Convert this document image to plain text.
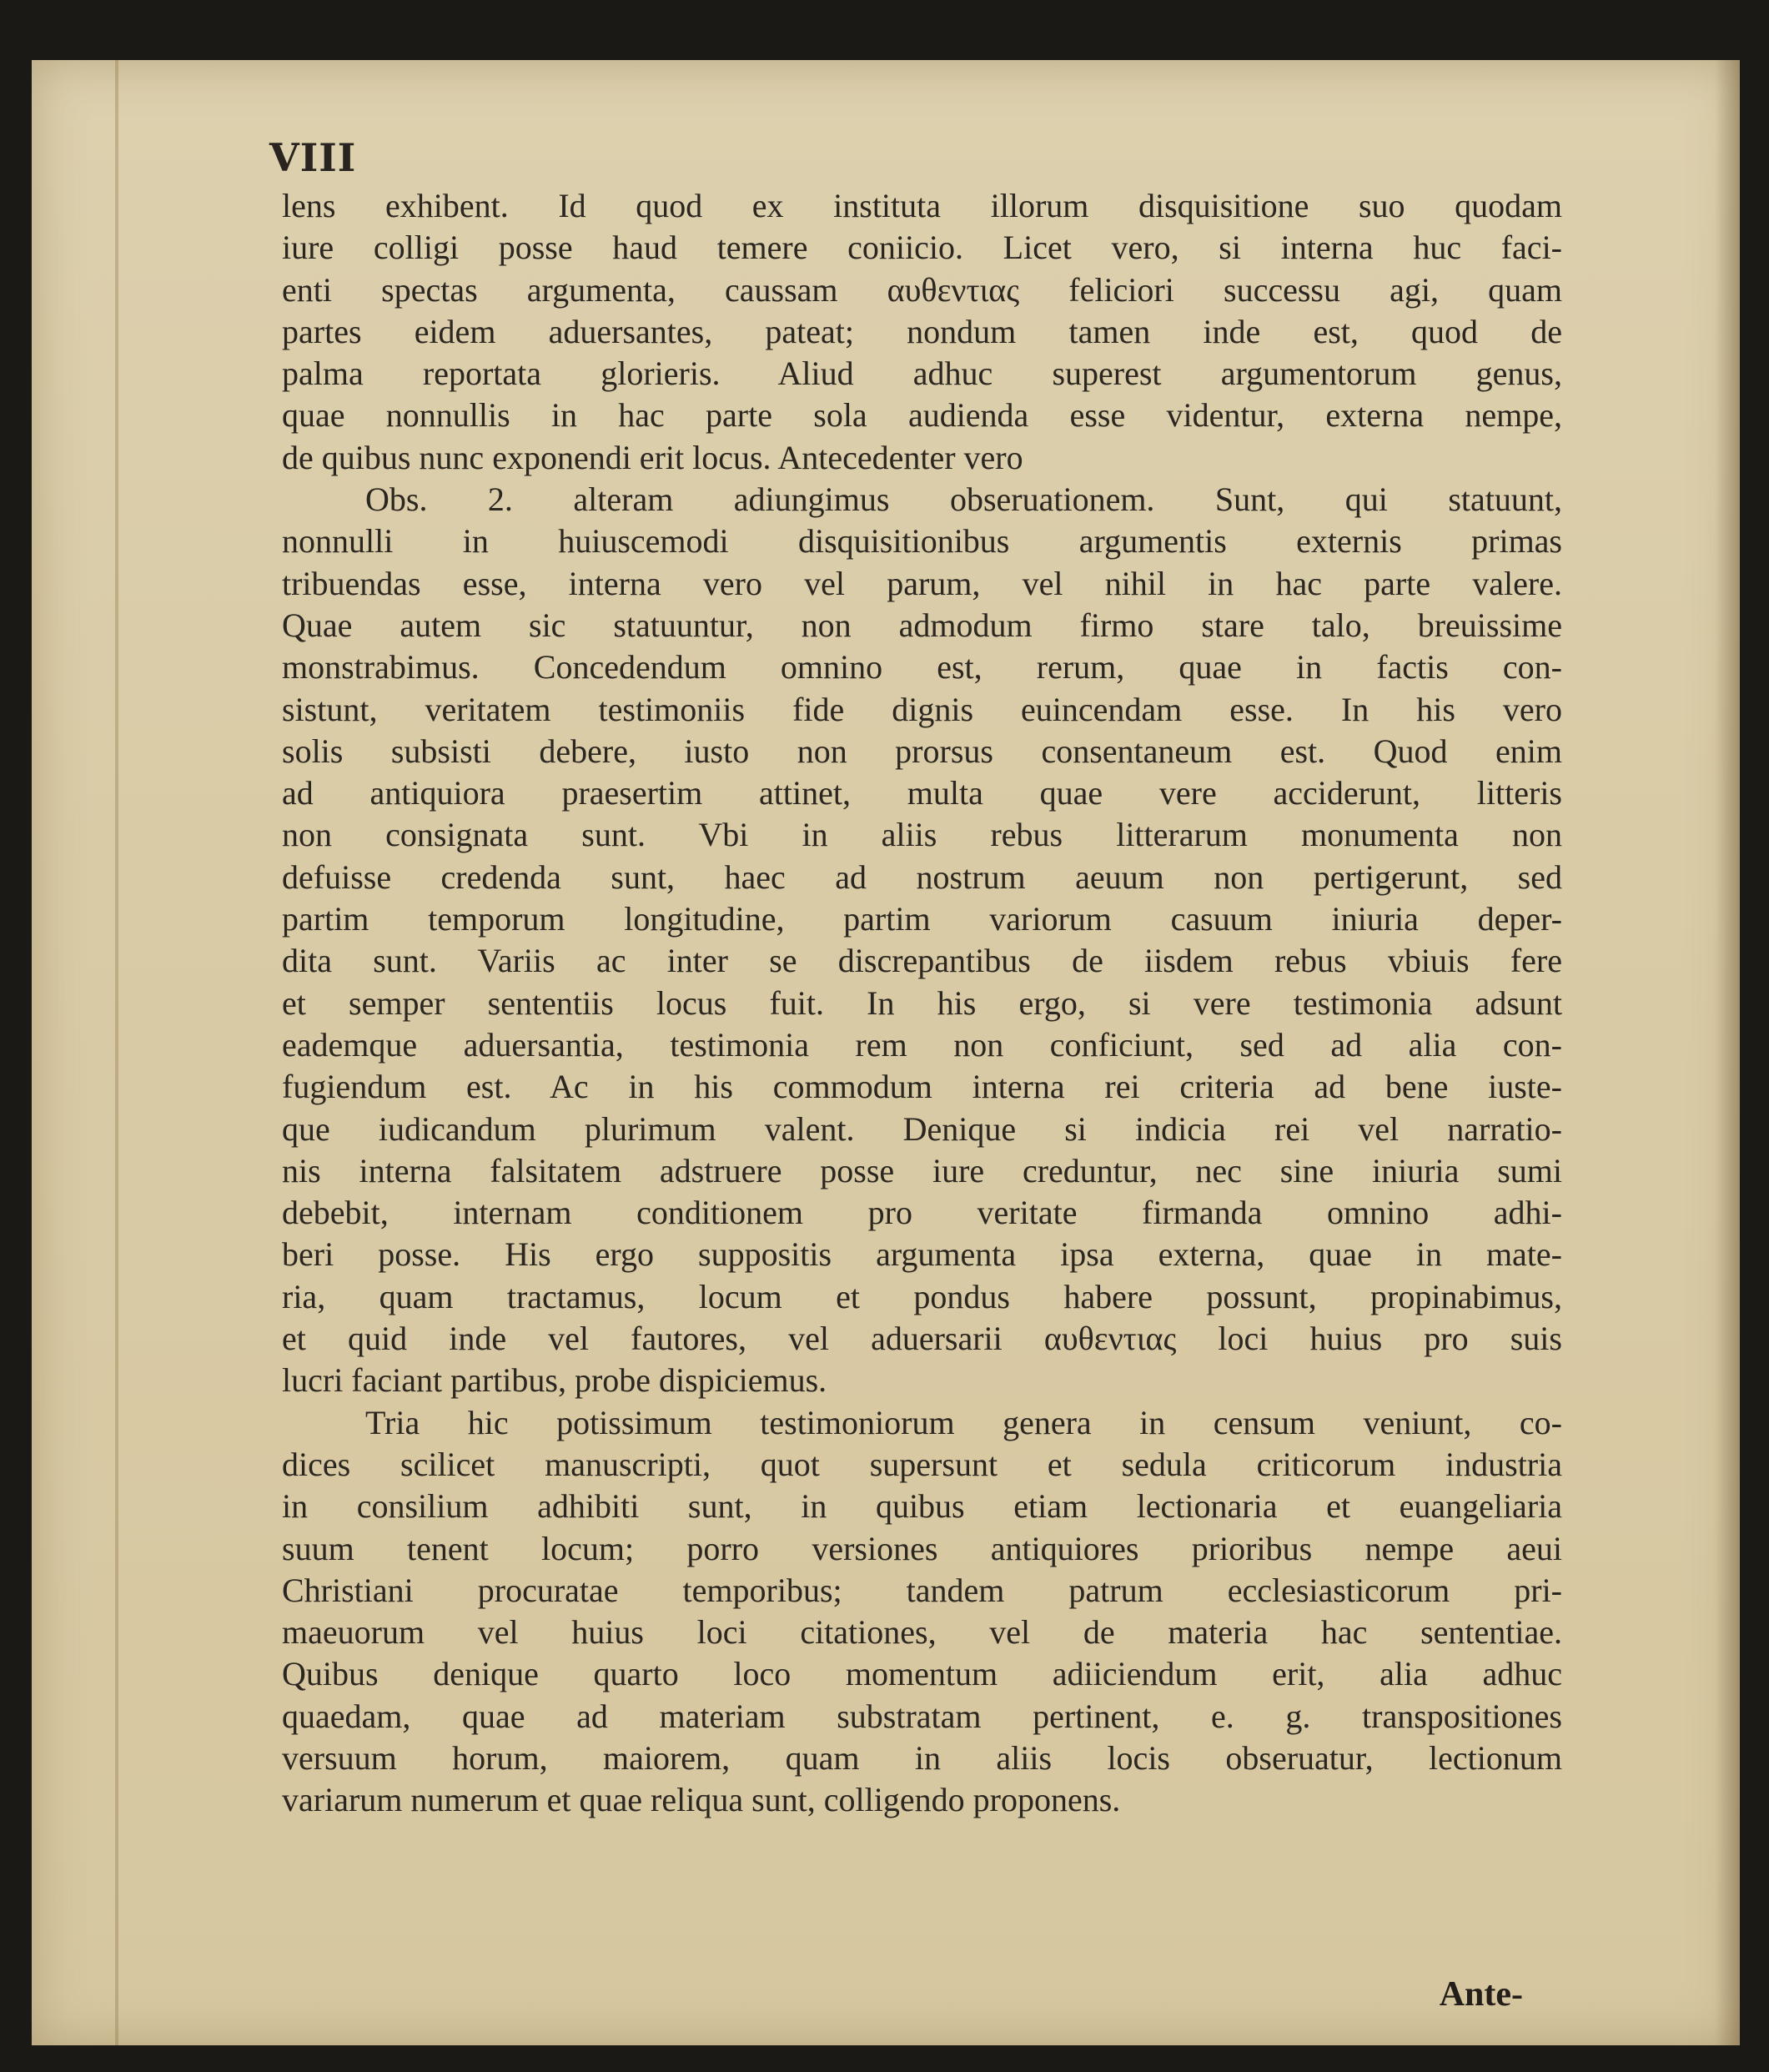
VIII
lens exhibent. Id quod ex instituta illorum disquisitione suo quodam
iure colligi posse haud temere coniicio. Licet vero, si interna huc faci-
enti spectas argumenta, caussam αυθεντιας feliciori successu agi, quam
partes eidem aduersantes, pateat; nondum tamen inde est, quod de
palma reportata glorieris. Aliud adhuc superest argumentorum genus,
quae nonnullis in hac parte sola audienda esse videntur, externa nempe,
de quibus nunc exponendi erit locus. Antecedenter vero
Obs. 2. alteram adiungimus obseruationem. Sunt, qui statuunt,
nonnulli in huiuscemodi disquisitionibus argumentis externis primas
tribuendas esse, interna vero vel parum, vel nihil in hac parte valere.
Quae autem sic statuuntur, non admodum firmo stare talo, breuissime
monstrabimus. Concedendum omnino est, rerum, quae in factis con-
sistunt, veritatem testimoniis fide dignis euincendam esse. In his vero
solis subsisti debere, iusto non prorsus consentaneum est. Quod enim
ad antiquiora praesertim attinet, multa quae vere acciderunt, litteris
non consignata sunt. Vbi in aliis rebus litterarum monumenta non
defuisse credenda sunt, haec ad nostrum aeuum non pertigerunt, sed
partim temporum longitudine, partim variorum casuum iniuria deper-
dita sunt. Variis ac inter se discrepantibus de iisdem rebus vbiuis fere
et semper sententiis locus fuit. In his ergo, si vere testimonia adsunt
eademque aduersantia, testimonia rem non conficiunt, sed ad alia con-
fugiendum est. Ac in his commodum interna rei criteria ad bene iuste-
que iudicandum plurimum valent. Denique si indicia rei vel narratio-
nis interna falsitatem adstruere posse iure creduntur, nec sine iniuria sumi
debebit, internam conditionem pro veritate firmanda omnino adhi-
beri posse. His ergo suppositis argumenta ipsa externa, quae in mate-
ria, quam tractamus, locum et pondus habere possunt, propinabimus,
et quid inde vel fautores, vel aduersarii αυθεντιας loci huius pro suis
lucri faciant partibus, probe dispiciemus.
Tria hic potissimum testimoniorum genera in censum veniunt, co-
dices scilicet manuscripti, quot supersunt et sedula criticorum industria
in consilium adhibiti sunt, in quibus etiam lectionaria et euangeliaria
suum tenent locum; porro versiones antiquiores prioribus nempe aeui
Christiani procuratae temporibus; tandem patrum ecclesiasticorum pri-
maeuorum vel huius loci citationes, vel de materia hac sententiae.
Quibus denique quarto loco momentum adiiciendum erit, alia adhuc
quaedam, quae ad materiam substratam pertinent, e. g. transpositiones
versuum horum, maiorem, quam in aliis locis obseruatur, lectionum
variarum numerum et quae reliqua sunt, colligendo proponens.
Ante-
